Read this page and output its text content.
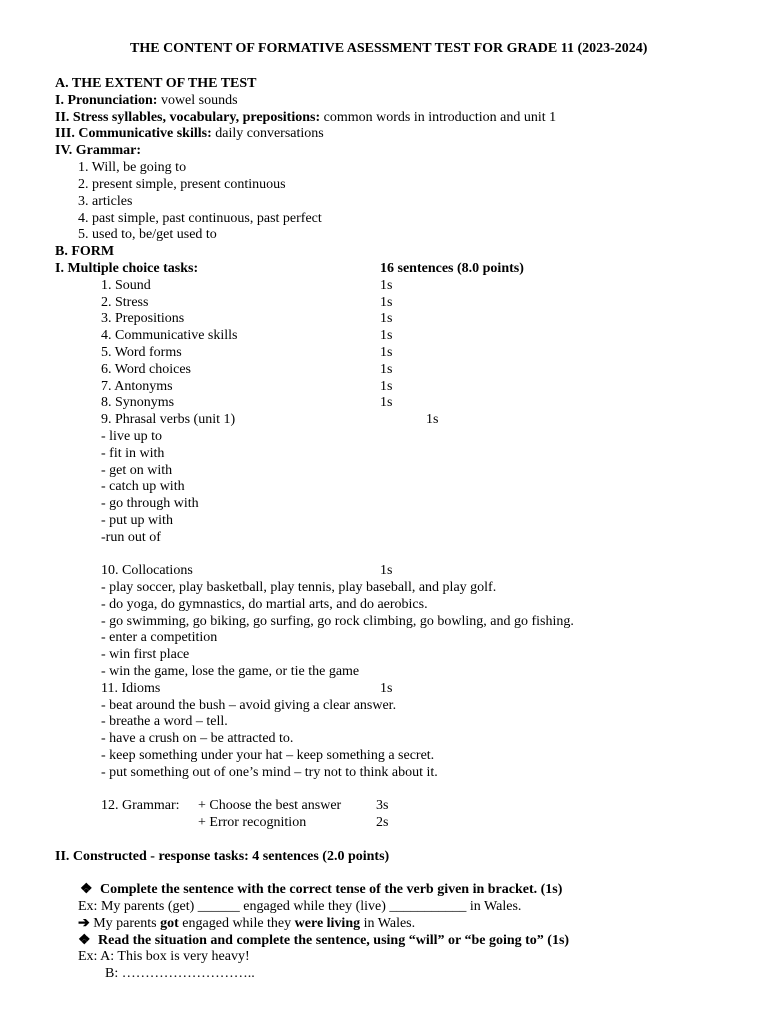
THE CONTENT OF FORMATIVE ASESSMENT TEST FOR GRADE 11 (2023-2024)
A. THE EXTENT OF THE TEST
I. Pronunciation: vowel sounds
II. Stress syllables, vocabulary, prepositions: common words in introduction and unit 1
III. Communicative skills: daily conversations
IV. Grammar:
1. Will, be going to
2. present simple, present continuous
3. articles
4. past simple, past continuous, past perfect
5. used to, be/get used to
B. FORM
I. Multiple choice tasks:	16 sentences (8.0 points)
1. Sound	1s
2. Stress	1s
3. Prepositions	1s
4. Communicative skills	1s
5. Word forms	1s
6. Word choices	1s
7. Antonyms	1s
8. Synonyms	1s
9. Phrasal verbs (unit 1)	1s
- live up to
- fit in with
- get on with
- catch up with
- go through with
- put up with
-run out of
10. Collocations	1s
- play soccer, play basketball, play tennis, play baseball, and play golf.
- do yoga, do gymnastics, do martial arts, and do aerobics.
- go swimming, go biking, go surfing, go rock climbing, go bowling, and go fishing.
- enter a competition
- win first place
- win the game, lose the game, or tie the game
11. Idioms	1s
- beat around the bush – avoid giving a clear answer.
- breathe a word – tell.
- have a crush on – be attracted to.
- keep something under your hat – keep something a secret.
- put something out of one’s mind – try not to think about it.
12. Grammar: + Choose the best answer 3s
+ Error recognition	2s
II. Constructed - response tasks: 4 sentences (2.0 points)
❖ Complete the sentence with the correct tense of the verb given in bracket. (1s)
Ex: My parents (get) ______ engaged while they (live) ___________ in Wales.
➔ My parents got engaged while they were living in Wales.
❖ Read the situation and complete the sentence, using “will” or “be going to” (1s)
Ex: A: This box is very heavy!
B: ………………………..
